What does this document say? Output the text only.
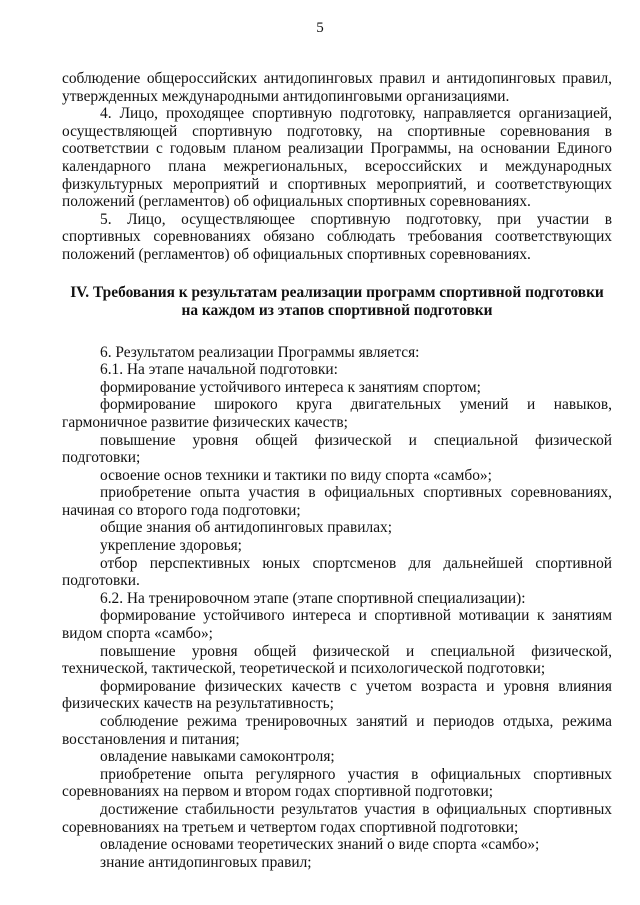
5

соблюдение общероссийских антидопинговых правил и антидопинговых правил, утвержденных международными антидопинговыми организациями.

4. Лицо, проходящее спортивную подготовку, направляется организацией, осуществляющей спортивную подготовку, на спортивные соревнования в соответствии с годовым планом реализации Программы, на основании Единого календарного плана межрегиональных, всероссийских и международных физкультурных мероприятий и спортивных мероприятий, и соответствующих положений (регламентов) об официальных спортивных соревнованиях.

5. Лицо, осуществляющее спортивную подготовку, при участии в спортивных соревнованиях обязано соблюдать требования соответствующих положений (регламентов) об официальных спортивных соревнованиях.

IV. Требования к результатам реализации программ спортивной подготовки
на каждом из этапов спортивной подготовки

6. Результатом реализации Программы является:

6.1. На этапе начальной подготовки:

формирование устойчивого интереса к занятиям спортом;

формирование широкого круга двигательных умений и навыков, гармоничное развитие физических качеств;

повышение уровня общей физической и специальной физической подготовки;

освоение основ техники и тактики по виду спорта «самбо»;

приобретение опыта участия в официальных спортивных соревнованиях, начиная со второго года подготовки;

общие знания об антидопинговых правилах;

укрепление здоровья;

отбор перспективных юных спортсменов для дальнейшей спортивной подготовки.

6.2. На тренировочном этапе (этапе спортивной специализации):

формирование устойчивого интереса и спортивной мотивации к занятиям видом спорта «самбо»;

повышение уровня общей физической и специальной физической, технической, тактической, теоретической и психологической подготовки;

формирование физических качеств с учетом возраста и уровня влияния физических качеств на результативность;

соблюдение режима тренировочных занятий и периодов отдыха, режима восстановления и питания;

овладение навыками самоконтроля;

приобретение опыта регулярного участия в официальных спортивных соревнованиях на первом и втором годах спортивной подготовки;

достижение стабильности результатов участия в официальных спортивных соревнованиях на третьем и четвертом годах спортивной подготовки;

овладение основами теоретических знаний о виде спорта «самбо»;

знание антидопинговых правил;
